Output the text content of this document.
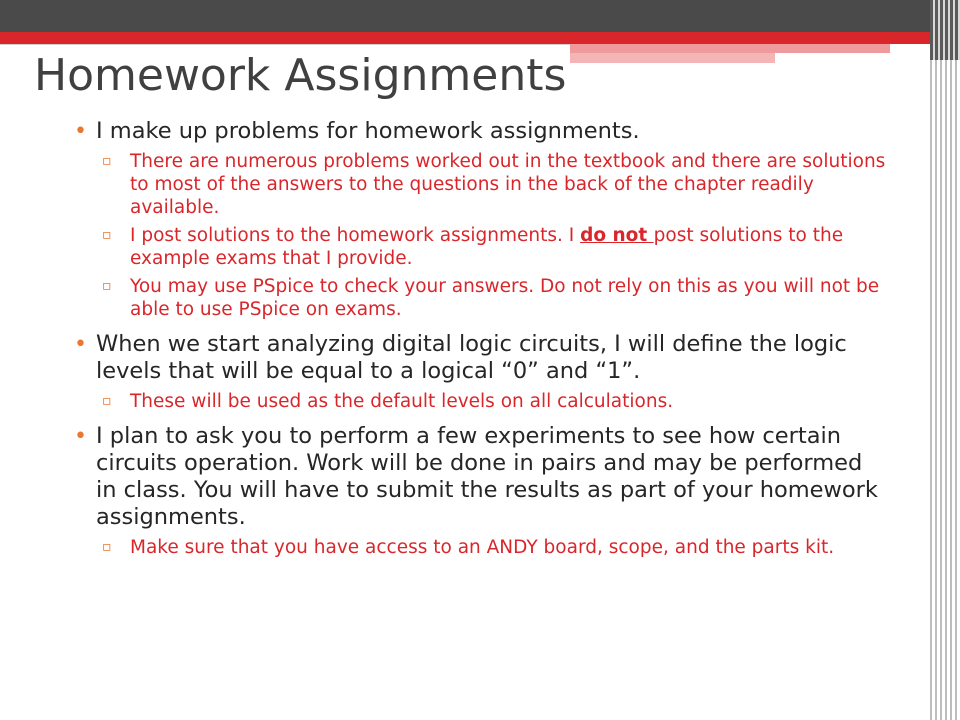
Homework Assignments

• I make up problems for homework assignments.

▫ There are numerous problems worked out in the textbook and there are solutions to most of the answers to the questions in the back of the chapter readily available.

▫ I post solutions to the homework assignments. I do not post solutions to the example exams that I provide.

▫ You may use PSpice to check your answers. Do not rely on this as you will not be able to use PSpice on exams.

• When we start analyzing digital logic circuits, I will define the logic levels that will be equal to a logical “0” and “1”.

▫ These will be used as the default levels on all calculations.

• I plan to ask you to perform a few experiments to see how certain circuits operation. Work will be done in pairs and may be performed in class. You will have to submit the results as part of your homework assignments.

▫ Make sure that you have access to an ANDY board, scope, and the parts kit.
